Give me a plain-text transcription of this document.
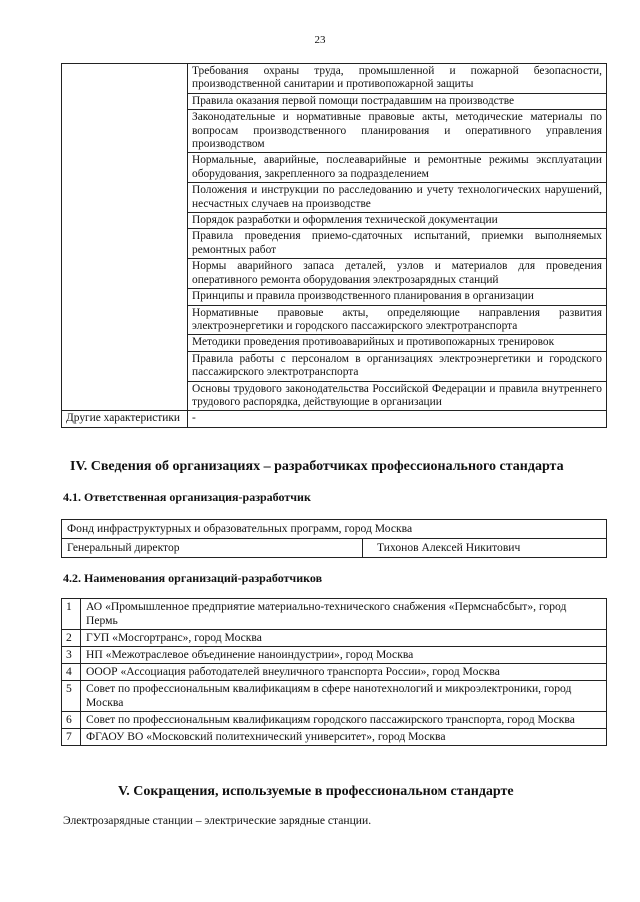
23
	Требования охраны труда, промышленной и пожарной безопасности, производственной санитарии и противопожарной защиты
	Правила оказания первой помощи пострадавшим на производстве
	Законодательные и нормативные правовые акты, методические материалы по вопросам производственного планирования и оперативного управления производством
	Нормальные, аварийные, послеаварийные и ремонтные режимы эксплуатации оборудования, закрепленного за подразделением
	Положения и инструкции по расследованию и учету технологических нарушений, несчастных случаев на производстве
	Порядок разработки и оформления технической документации
	Правила проведения приемо-сдаточных испытаний, приемки выполняемых ремонтных работ
	Нормы аварийного запаса деталей, узлов и материалов для проведения оперативного ремонта оборудования электрозарядных станций
	Принципы и правила производственного планирования в организации
	Нормативные правовые акты, определяющие направления развития электроэнергетики и городского пассажирского электротранспорта
	Методики проведения противоаварийных и противопожарных тренировок
	Правила работы с персоналом в организациях электроэнергетики и городского пассажирского электротранспорта
	Основы трудового законодательства Российской Федерации и правила внутреннего трудового распорядка, действующие в организации
Другие характеристики	-
IV. Сведения об организациях – разработчиках профессионального стандарта
4.1. Ответственная организация-разработчик
Фонд инфраструктурных и образовательных программ, город Москва
Генеральный директор	Тихонов Алексей Никитович
4.2. Наименования организаций-разработчиков
1	АО «Промышленное предприятие материально-технического снабжения «Пермснабсбыт», город Пермь
2	ГУП «Мосгортранс», город Москва
3	НП «Межотраслевое объединение наноиндустрии», город Москва
4	ОООР «Ассоциация работодателей внеуличного транспорта России», город Москва
5	Совет по профессиональным квалификациям в сфере нанотехнологий и микроэлектроники, город Москва
6	Совет по профессиональным квалификациям городского пассажирского транспорта, город Москва
7	ФГАОУ ВО «Московский политехнический университет», город Москва
V. Сокращения, используемые в профессиональном стандарте
Электрозарядные станции – электрические зарядные станции.
